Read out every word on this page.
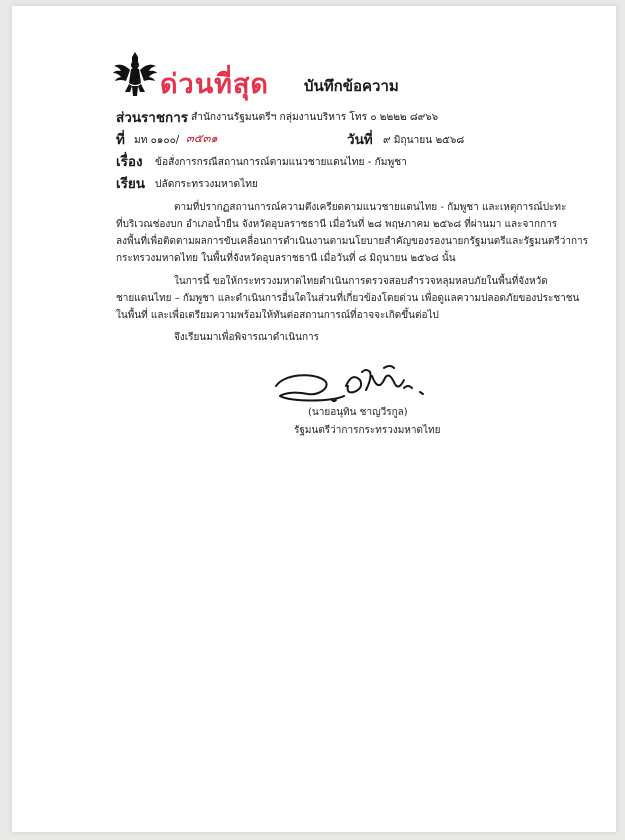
ด่วนที่สุด บันทึกข้อความ
ส่วนราชการ สำนักงานรัฐมนตรีฯ กลุ่มงานบริหาร โทร ๐ ๒๒๒๒ ๘๙๖๖
ที่ มท ๐๑๐๐/ ๓๕๓๑	วันที่ ๙ มิถุนายน ๒๕๖๘
เรื่อง ข้อสั่งการกรณีสถานการณ์ตามแนวชายแดนไทย - กัมพูชา
เรียน ปลัดกระทรวงมหาดไทย
ตามที่ปรากฏสถานการณ์ความตึงเครียดตามแนวชายแดนไทย - กัมพูชา และเหตุการณ์ปะทะ
ที่บริเวณช่องบก อำเภอน้ำยืน จังหวัดอุบลราชธานี เมื่อวันที่ ๒๘ พฤษภาคม ๒๕๖๘ ที่ผ่านมา และจากการ
ลงพื้นที่เพื่อติดตามผลการขับเคลื่อนการดำเนินงานตามนโยบายสำคัญของรองนายกรัฐมนตรีและรัฐมนตรีว่าการ
กระทรวงมหาดไทย ในพื้นที่จังหวัดอุบลราชธานี เมื่อวันที่ ๘ มิถุนายน ๒๕๖๘ นั้น
ในการนี้ ขอให้กระทรวงมหาดไทยดำเนินการตรวจสอบสำรวจหลุมหลบภัยในพื้นที่จังหวัด
ชายแดนไทย – กัมพูชา และดำเนินการอื่นใดในส่วนที่เกี่ยวข้องโดยด่วน เพื่อดูแลความปลอดภัยของประชาชน
ในพื้นที่ และเพื่อเตรียมความพร้อมให้ทันต่อสถานการณ์ที่อาจจะเกิดขึ้นต่อไป
จึงเรียนมาเพื่อพิจารณาดำเนินการ
(นายอนุทิน ชาญวีรกูล)
รัฐมนตรีว่าการกระทรวงมหาดไทย
